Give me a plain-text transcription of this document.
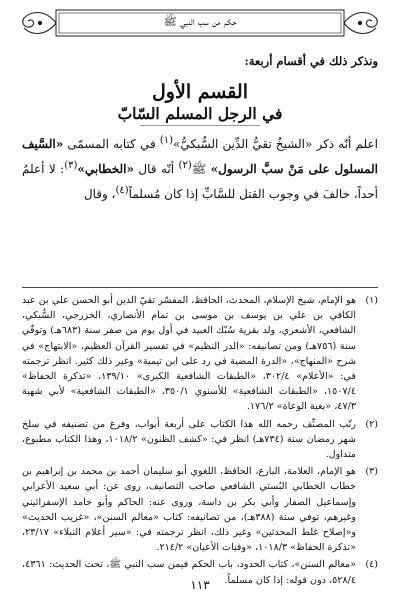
حكم من سب النبي ﷺ

ونذكر ذلك في أقسام أربعة:

القسم الأول
في الرجل المسلم السّابّ

اعلم أنّه ذكر «الشيخُ تقيُّ الدِّين السُّبكيُّ»$^{(١)}$ في كتابه المسمّى «السَّيف المسلول على مَنْ سبَّ الرسول» ﷺ$^{(٢)}$ أنّه قال «الخطابي»$^{(٣)}$: لا أعلمُ أحداً، خالفَ في وجوب القتل للسَّابِّ إذا كان مُسلماً$^{(٤)}$، وقال

(١)
هو الإمام، شيخ الإسلام، المحدث، الحافظ، المفسّر تقيّ الدين أبو الحسن علي بن عبد الكافي بن علي بن يوسف بن موسى بن تمام الأنصاري، الخزرجي، السُّبكي، الشافعي، الأشعري، ولد بقرية سُبْك العبيد في أول يوم من صفر سنة (٦٨٣هـ) وتوفّي سنة (٧٥٦هـ) ومن تصانيفه: «الدر النظيم» في تفسير القرآن العظيم، «الابتهاج» في شرح «المنهاج»، «الدرة المضية في رد على ابن تيمية» وغير ذلك كثير. انظر ترجمته في: «الأعلام» ٣٠٢/٤، «الطبقات الشافعية الكبرى» ١٣٩/١٠، «تذكرة الحفاظ» ١٥٠٧/٤، «الطبقات الشافعية» للأسنوي ٣٥٠/١، «الطبقات الشافعية» لأبي شهبة ٤٧/٣، «بغية الوعاة» ١٧٦/٢.
(٢)
رتّب المصنِّف رحمه الله هذا الكتاب على أربعة أبواب، وفرغ من تصنيفه في سلخ شهر رمضان سنة (٧٣٤هـ) انظر في: «كشف الظنون» ١٠١٨/٢، وهذا الكتاب مطبوع، متداول.
(٣)
هو الإمام، العلامة، البارع، الحافظ، اللغوي أبو سليمان أحمد بن محمد بن إبراهيم بن خطاب الخطابي البُستي الشافعي صاحب التصانيف، روى عن: أبي سعيد الأعرابي وإسماعيل الصفار وأبي بكر بن داسة، وروى عنه: الحاكم وأبو حامد الإسفرائيني وغيرهم، توفي سنة (٣٨٨هـ)، من تصانيفه: كتاب «معالم السنن»، «غريب الحديث» و«إصلاح غلط المحدثين» وغير ذلك، انظر ترجمته في: «سير أعلام النبلاء» ٢٣/١٧، «تذكرة الحفاظ» ١٠١٨/٣، «وفيات الأعيان» ٢١٤/٢.
(٤)
«معالم السنن»، كتاب الحدود، باب الحكم فيمن سب النبي ﷺ، تحت الحديث: ٤٣٦١، ٥٢٨/٤، دون قوله: إذا كان مسلماً.
١١٣
